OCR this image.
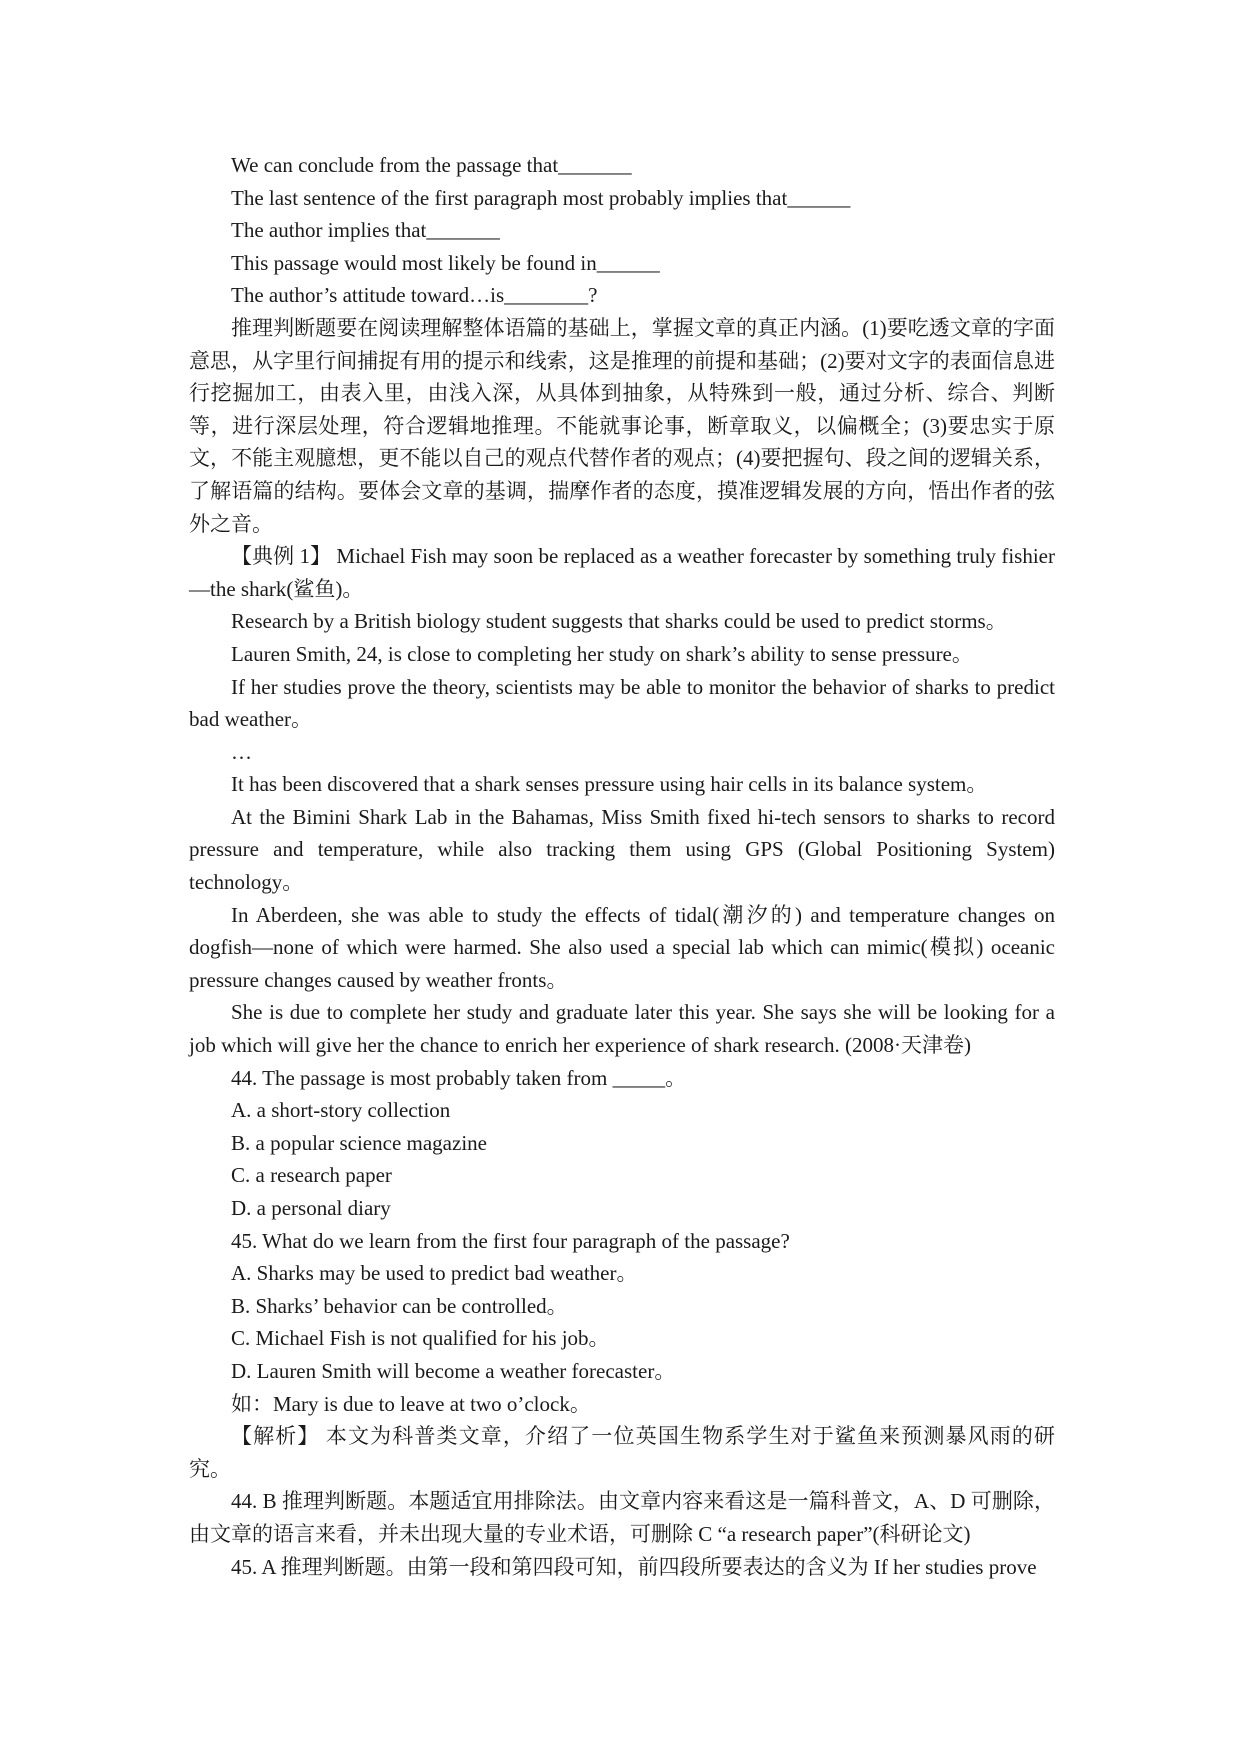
We can conclude from the passage that_______

The last sentence of the first paragraph most probably implies that______

The author implies that_______

This passage would most likely be found in______

The author’s attitude toward…is________?

推理判断题要在阅读理解整体语篇的基础上，掌握文章的真正内涵。(1)要吃透文章的字面意思，从字里行间捕捉有用的提示和线索，这是推理的前提和基础；(2)要对文字的表面信息进行挖掘加工，由表入里，由浅入深，从具体到抽象，从特殊到一般，通过分析、综合、判断等，进行深层处理，符合逻辑地推理。不能就事论事，断章取义，以偏概全；(3)要忠实于原文，不能主观臆想，更不能以自己的观点代替作者的观点；(4)要把握句、段之间的逻辑关系，了解语篇的结构。要体会文章的基调，揣摩作者的态度，摸准逻辑发展的方向，悟出作者的弦外之音。

【典例 1】 Michael Fish may soon be replaced as a weather forecaster by something truly fishier—the shark(鲨鱼)。

Research by a British biology student suggests that sharks could be used to predict storms。

Lauren Smith, 24, is close to completing her study on shark’s ability to sense pressure。

If her studies prove the theory, scientists may be able to monitor the behavior of sharks to predict bad weather。

…

It has been discovered that a shark senses pressure using hair cells in its balance system。

At the Bimini Shark Lab in the Bahamas, Miss Smith fixed hi-tech sensors to sharks to record pressure and temperature, while also tracking them using GPS (Global Positioning System) technology。

In Aberdeen, she was able to study the effects of tidal(潮汐的) and temperature changes on dogfish—none of which were harmed. She also used a special lab which can mimic(模拟) oceanic pressure changes caused by weather fronts。

She is due to complete her study and graduate later this year. She says she will be looking for a job which will give her the chance to enrich her experience of shark research. (2008·天津卷)

44. The passage is most probably taken from _____。

A. a short-story collection

B. a popular science magazine

C. a research paper

D. a personal diary

45. What do we learn from the first four paragraph of the passage?

A. Sharks may be used to predict bad weather。

B. Sharks’ behavior can be controlled。

C. Michael Fish is not qualified for his job。

D. Lauren Smith will become a weather forecaster。

如：Mary is due to leave at two o’clock。

【解析】 本文为科普类文章，介绍了一位英国生物系学生对于鲨鱼来预测暴风雨的研究。

44. B 推理判断题。本题适宜用排除法。由文章内容来看这是一篇科普文，A、D 可删除，由文章的语言来看，并未出现大量的专业术语，可删除 C “a research paper”(科研论文)

45. A 推理判断题。由第一段和第四段可知，前四段所要表达的含义为 If her studies prove
